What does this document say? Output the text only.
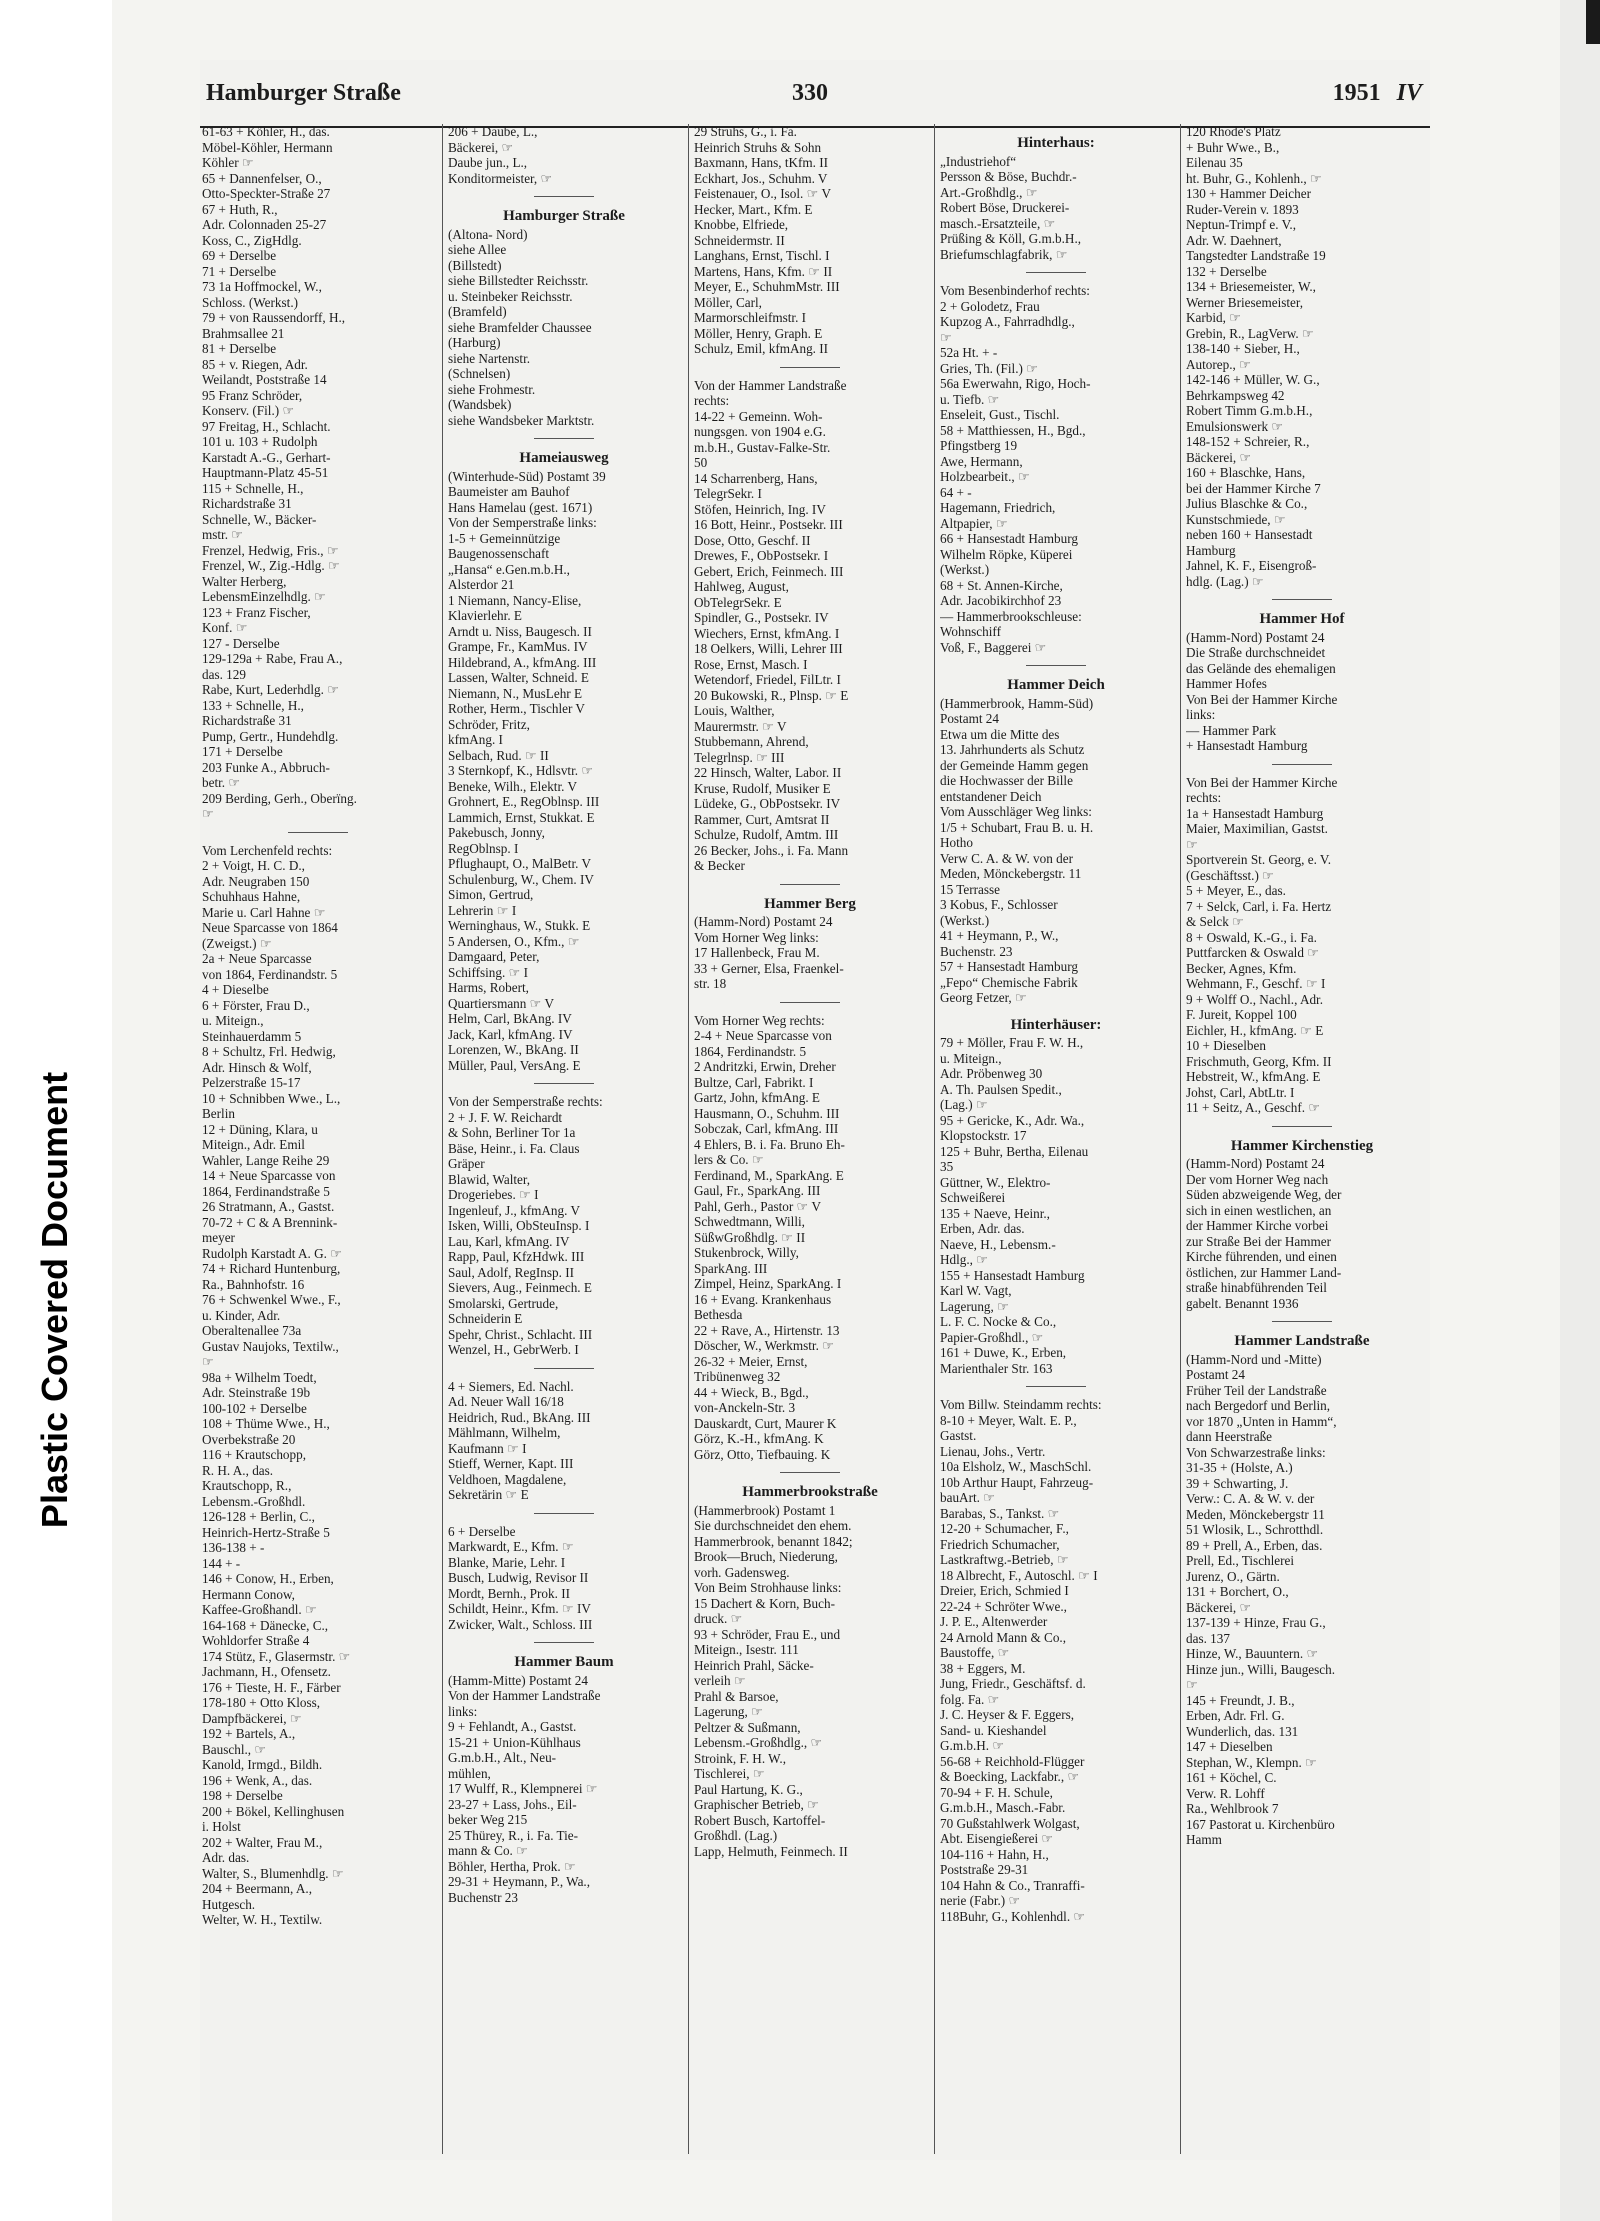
Plastic Covered Document
Hamburger Straße	330	1951 IV
61-63 + Köhler, H., das.
Möbel-Köhler, Hermann
Köhler ☞
65 + Dannenfelser, O.,
Otto-Speckter-Straße 27
67 + Huth, R.,
Adr. Colonnaden 25-27
Koss, C., ZigHdlg.
69 + Derselbe
71 + Derselbe
73 1a Hoffmockel, W.,
Schloss. (Werkst.)
79 + von Raussendorff, H.,
Brahmsallee 21
81 + Derselbe
85 + v. Riegen, Adr.
Weilandt, Poststraße 14
95 Franz Schröder,
Konserv. (Fil.) ☞
97 Freitag, H., Schlacht.
101 u. 103 + Rudolph
Karstadt A.-G., Gerhart-
Hauptmann-Platz 45-51
115 + Schnelle, H.,
Richardstraße 31
Schnelle, W., Bäcker-
mstr. ☞
Frenzel, Hedwig, Fris., ☞
Frenzel, W., Zig.-Hdlg. ☞
Walter Herberg,
LebensmEinzelhdlg. ☞
123 + Franz Fischer,
Konf. ☞
127 - Derselbe
129-129a + Rabe, Frau A.,
das. 129
Rabe, Kurt, Lederhdlg. ☞
133 + Schnelle, H.,
Richardstraße 31
Pump, Gertr., Hundehdlg.
171 + Derselbe
203 Funke A., Abbruch-
betr. ☞
209 Berding, Gerh., Oberïng.
☞
Vom Lerchenfeld rechts:
2 + Voigt, H. C. D.,
Adr. Neugraben 150
Schuhhaus Hahne,
Marie u. Carl Hahne ☞
Neue Sparcasse von 1864
(Zweigst.) ☞
2a + Neue Sparcasse
von 1864, Ferdinandstr. 5
4 + Dieselbe
6 + Förster, Frau D.,
u. Miteign.,
Steinhauerdamm 5
8 + Schultz, Frl. Hedwig,
Adr. Hinsch & Wolf,
Pelzerstraße 15-17
10 + Schnibben Wwe., L.,
Berlin
12 + Düning, Klara, u
Miteign., Adr. Emil
Wahler, Lange Reihe 29
14 + Neue Sparcasse von
1864, Ferdinandstraße 5
26 Stratmann, A., Gastst.
70-72 + C & A Brennink-
meyer
Rudolph Karstadt A. G. ☞
74 + Richard Huntenburg,
Ra., Bahnhofstr. 16
76 + Schwenkel Wwe., F.,
u. Kinder, Adr.
Oberaltenallee 73a
Gustav Naujoks, Textilw.,
☞
98a + Wilhelm Toedt,
Adr. Steinstraße 19b
100-102 + Derselbe
108 + Thüme Wwe., H.,
Overbekstraße 20
116 + Krautschopp,
R. H. A., das.
Krautschopp, R.,
Lebensm.-Großhdl.
126-128 + Berlin, C.,
Heinrich-Hertz-Straße 5
136-138 + -
144 + -
146 + Conow, H., Erben,
Hermann Conow,
Kaffee-Großhandl. ☞
164-168 + Dänecke, C.,
Wohldorfer Straße 4
174 Stütz, F., Glasermstr. ☞
Jachmann, H., Ofensetz.
176 + Tieste, H. F., Färber
178-180 + Otto Kloss,
Dampfbäckerei, ☞
192 + Bartels, A.,
Bauschl., ☞
Kanold, Irmgd., Bildh.
196 + Wenk, A., das.
198 + Derselbe
200 + Bökel, Kellinghusen
i. Holst
202 + Walter, Frau M.,
Adr. das.
Walter, S., Blumenhdlg. ☞
204 + Beermann, A.,
Hutgesch.
Welter, W. H., Textilw.
206 + Daube, L.,
Bäckerei, ☞
Daube jun., L.,
Konditormeister, ☞
Hamburger Straße
(Altona- Nord)
siehe Allee
(Billstedt)
siehe Billstedter Reichsstr.
u. Steinbeker Reichsstr.
(Bramfeld)
siehe Bramfelder Chaussee
(Harburg)
siehe Nartenstr.
(Schnelsen)
siehe Frohmestr.
(Wandsbek)
siehe Wandsbeker Marktstr.
Hameiausweg
(Winterhude-Süd) Postamt 39
Baumeister am Bauhof
Hans Hamelau (gest. 1671)
Von der Semperstraße links:
1-5 + Gemeinnützige
Baugenossenschaft
„Hansa“ e.Gen.m.b.H.,
Alsterdor 21
1 Niemann, Nancy-Elise,
Klavierlehr. E
Arndt u. Niss, Baugesch. II
Grampe, Fr., KamMus. IV
Hildebrand, A., kfmAng. III
Lassen, Walter, Schneid. E
Niemann, N., MusLehr E
Rother, Herm., Tischler V
Schröder, Fritz,
kfmAng. I
Selbach, Rud. ☞ II
3 Sternkopf, K., Hdlsvtr. ☞
Beneke, Wilh., Elektr. V
Grohnert, E., RegOblnsp. III
Lammich, Ernst, Stukkat. E
Pakebusch, Jonny,
RegOblnsp. I
Pflughaupt, O., MalBetr. V
Schulenburg, W., Chem. IV
Simon, Gertrud,
Lehrerin ☞ I
Werninghaus, W., Stukk. E
5 Andersen, O., Kfm., ☞
Damgaard, Peter,
Schiffsing. ☞ I
Harms, Robert,
Quartiersmann ☞ V
Helm, Carl, BkAng. IV
Jack, Karl, kfmAng. IV
Lorenzen, W., BkAng. II
Müller, Paul, VersAng. E
Von der Semperstraße rechts:
2 + J. F. W. Reichardt
& Sohn, Berliner Tor 1a
Bäse, Heinr., i. Fa. Claus
Gräper
Blawid, Walter,
Drogeriebes. ☞ I
Ingenleuf, J., kfmAng. V
Isken, Willi, ObSteuInsp. I
Lau, Karl, kfmAng. IV
Rapp, Paul, KfzHdwk. III
Saul, Adolf, RegInsp. II
Sievers, Aug., Feinmech. E
Smolarski, Gertrude,
Schneiderin E
Spehr, Christ., Schlacht. III
Wenzel, H., GebrWerb. I
4 + Siemers, Ed. Nachl.
Ad. Neuer Wall 16/18
Heidrich, Rud., BkAng. III
Mählmann, Wilhelm,
Kaufmann ☞ I
Stieff, Werner, Kapt. III
Veldhoen, Magdalene,
Sekretärin ☞ E
6 + Derselbe
Markwardt, E., Kfm. ☞
Blanke, Marie, Lehr. I
Busch, Ludwig, Revisor II
Mordt, Bernh., Prok. II
Schildt, Heinr., Kfm. ☞ IV
Zwicker, Walt., Schloss. III
Hammer Baum
(Hamm-Mitte) Postamt 24
Von der Hammer Landstraße
links:
9 + Fehlandt, A., Gastst.
15-21 + Union-Kühlhaus
G.m.b.H., Alt., Neu-
mühlen,
17 Wulff, R., Klempnerei ☞
23-27 + Lass, Johs., Eil-
beker Weg 215
25 Thürey, R., i. Fa. Tie-
mann & Co. ☞
Böhler, Hertha, Prok. ☞
29-31 + Heymann, P., Wa.,
Buchenstr 23
29 Struhs, G., i. Fa.
Heinrich Struhs & Sohn
Baxmann, Hans, tKfm. II
Eckhart, Jos., Schuhm. V
Feistenauer, O., Isol. ☞ V
Hecker, Mart., Kfm. E
Knobbe, Elfriede,
Schneidermstr. II
Langhans, Ernst, Tischl. I
Martens, Hans, Kfm. ☞ II
Meyer, E., SchuhmMstr. III
Möller, Carl,
Marmorschleifmstr. I
Möller, Henry, Graph. E
Schulz, Emil, kfmAng. II
Von der Hammer Landstraße
rechts:
14-22 + Gemeinn. Woh-
nungsgen. von 1904 e.G.
m.b.H., Gustav-Falke-Str.
50
14 Scharrenberg, Hans,
TelegrSekr. I
Stöfen, Heinrich, Ing. IV
16 Bott, Heinr., Postsekr. III
Dose, Otto, Geschf. II
Drewes, F., ObPostsekr. I
Gebert, Erich, Feinmech. III
Hahlweg, August,
ObTelegrSekr. E
Spindler, G., Postsekr. IV
Wiechers, Ernst, kfmAng. I
18 Oelkers, Willi, Lehrer III
Rose, Ernst, Masch. I
Wetendorf, Friedel, FilLtr. I
20 Bukowski, R., Plnsp. ☞ E
Louis, Walther,
Maurermstr. ☞ V
Stubbemann, Ahrend,
Telegrlnsp. ☞ III
22 Hinsch, Walter, Labor. II
Kruse, Rudolf, Musiker E
Lüdeke, G., ObPostsekr. IV
Rammer, Curt, Amtsrat II
Schulze, Rudolf, Amtm. III
26 Becker, Johs., i. Fa. Mann
& Becker
Hammer Berg
(Hamm-Nord) Postamt 24
Vom Horner Weg links:
17 Hallenbeck, Frau M.
33 + Gerner, Elsa, Fraenkel-
str. 18
Vom Horner Weg rechts:
2-4 + Neue Sparcasse von
1864, Ferdinandstr. 5
2 Andritzki, Erwin, Dreher
Bultze, Carl, Fabrikt. I
Gartz, John, kfmAng. E
Hausmann, O., Schuhm. III
Sobczak, Carl, kfmAng. III
4 Ehlers, B. i. Fa. Bruno Eh-
lers & Co. ☞
Ferdinand, M., SparkAng. E
Gaul, Fr., SparkAng. III
Pahl, Gerh., Pastor ☞ V
Schwedtmann, Willi,
SüßwGroßhdlg. ☞ II
Stukenbrock, Willy,
SparkAng. III
Zimpel, Heinz, SparkAng. I
16 + Evang. Krankenhaus
Bethesda
22 + Rave, A., Hirtenstr. 13
Döscher, W., Werkmstr. ☞
26-32 + Meier, Ernst,
Tribünenweg 32
44 + Wieck, B., Bgd.,
von-Anckeln-Str. 3
Dauskardt, Curt, Maurer K
Görz, K.-H., kfmAng. K
Görz, Otto, Tiefbauing. K
Hammerbrookstraße
(Hammerbrook) Postamt 1
Sie durchschneidet den ehem.
Hammerbrook, benannt 1842;
Brook—Bruch, Niederung,
vorh. Gadensweg.
Von Beim Strohhause links:
15 Dachert & Korn, Buch-
druck. ☞
93 + Schröder, Frau E., und
Miteign., Isestr. 111
Heinrich Prahl, Säcke-
verleih ☞
Prahl & Barsoe,
Lagerung, ☞
Peltzer & Sußmann,
Lebensm.-Großhdlg., ☞
Stroink, F. H. W.,
Tischlerei, ☞
Paul Hartung, K. G.,
Graphischer Betrieb, ☞
Robert Busch, Kartoffel-
Großhdl. (Lag.)
Lapp, Helmuth, Feinmech. II
Hinterhaus:
„Industriehof“
Persson & Böse, Buchdr.-
Art.-Großhdlg., ☞
Robert Böse, Druckerei-
masch.-Ersatzteile, ☞
Prüßing & Köll, G.m.b.H.,
Briefumschlagfabrik, ☞
Vom Besenbinderhof rechts:
2 + Golodetz, Frau
Kupzog A., Fahrradhdlg.,
☞
52a Ht. + -
Gries, Th. (Fil.) ☞
56a Ewerwahn, Rigo, Hoch-
u. Tiefb. ☞
Enseleit, Gust., Tischl.
58 + Matthiessen, H., Bgd.,
Pfingstberg 19
Awe, Hermann,
Holzbearbeit., ☞
64 + -
Hagemann, Friedrich,
Altpapier, ☞
66 + Hansestadt Hamburg
Wilhelm Röpke, Küperei
(Werkst.)
68 + St. Annen-Kirche,
Adr. Jacobikirchhof 23
— Hammerbrookschleuse:
Wohnschiff
Voß, F., Baggerei ☞
Hammer Deich
(Hammerbrook, Hamm-Süd)
Postamt 24
Etwa um die Mitte des
13. Jahrhunderts als Schutz
der Gemeinde Hamm gegen
die Hochwasser der Bille
entstandener Deich
Vom Ausschläger Weg links:
1/5 + Schubart, Frau B. u. H.
Hotho
Verw C. A. & W. von der
Meden, Mönckebergstr. 11
15 Terrasse
3 Kobus, F., Schlosser
(Werkst.)
41 + Heymann, P., W.,
Buchenstr. 23
57 + Hansestadt Hamburg
„Fepo“ Chemische Fabrik
Georg Fetzer, ☞
Hinterhäuser:
79 + Möller, Frau F. W. H.,
u. Miteign.,
Adr. Pröbenweg 30
A. Th. Paulsen Spedit.,
(Lag.) ☞
95 + Gericke, K., Adr. Wa.,
Klopstockstr. 17
125 + Buhr, Bertha, Eilenau
35
Güttner, W., Elektro-
Schweißerei
135 + Naeve, Heinr.,
Erben, Adr. das.
Naeve, H., Lebensm.-
Hdlg., ☞
155 + Hansestadt Hamburg
Karl W. Vagt,
Lagerung, ☞
L. F. C. Nocke & Co.,
Papier-Großhdl., ☞
161 + Duwe, K., Erben,
Marienthaler Str. 163
Vom Billw. Steindamm rechts:
8-10 + Meyer, Walt. E. P.,
Gastst.
Lienau, Johs., Vertr.
10a Elsholz, W., MaschSchl.
10b Arthur Haupt, Fahrzeug-
bauArt. ☞
Barabas, S., Tankst. ☞
12-20 + Schumacher, F.,
Friedrich Schumacher,
Lastkraftwg.-Betrieb, ☞
18 Albrecht, F., Autoschl. ☞ I
Dreier, Erich, Schmied I
22-24 + Schröter Wwe.,
J. P. E., Altenwerder
24 Arnold Mann & Co.,
Baustoffe, ☞
38 + Eggers, M.
Jung, Friedr., Geschäftsf. d.
folg. Fa. ☞
J. C. Heyser & F. Eggers,
Sand- u. Kieshandel
G.m.b.H. ☞
56-68 + Reichhold-Flügger
& Boecking, Lackfabr., ☞
70-94 + F. H. Schule,
G.m.b.H., Masch.-Fabr.
70 Gußstahlwerk Wolgast,
Abt. Eisengießerei ☞
104-116 + Hahn, H.,
Poststraße 29-31
104 Hahn & Co., Tranraffi-
nerie (Fabr.) ☞
118Buhr, G., Kohlenhdl. ☞
120 Rhode's Platz
+ Buhr Wwe., B.,
Eilenau 35
ht. Buhr, G., Kohlenh., ☞
130 + Hammer Deicher
Ruder-Verein v. 1893
Neptun-Trimpf e. V.,
Adr. W. Daehnert,
Tangstedter Landstraße 19
132 + Derselbe
134 + Briesemeister, W.,
Werner Briesemeister,
Karbid, ☞
Grebin, R., LagVerw. ☞
138-140 + Sieber, H.,
Autorep., ☞
142-146 + Müller, W. G.,
Behrkampsweg 42
Robert Timm G.m.b.H.,
Emulsionswerk ☞
148-152 + Schreier, R.,
Bäckerei, ☞
160 + Blaschke, Hans,
bei der Hammer Kirche 7
Julius Blaschke & Co.,
Kunstschmiede, ☞
neben 160 + Hansestadt
Hamburg
Jahnel, K. F., Eisengroß-
hdlg. (Lag.) ☞
Hammer Hof
(Hamm-Nord) Postamt 24
Die Straße durchschneidet
das Gelände des ehemaligen
Hammer Hofes
Von Bei der Hammer Kirche
links:
— Hammer Park
+ Hansestadt Hamburg
Von Bei der Hammer Kirche
rechts:
1a + Hansestadt Hamburg
Maier, Maximilian, Gastst.
☞
Sportverein St. Georg, e. V.
(Geschäftsst.) ☞
5 + Meyer, E., das.
7 + Selck, Carl, i. Fa. Hertz
& Selck ☞
8 + Oswald, K.-G., i. Fa.
Puttfarcken & Oswald ☞
Becker, Agnes, Kfm.
Wehmann, F., Geschf. ☞ I
9 + Wolff O., Nachl., Adr.
F. Jureit, Koppel 100
Eichler, H., kfmAng. ☞ E
10 + Dieselben
Frischmuth, Georg, Kfm. II
Hebstreit, W., kfmAng. E
Johst, Carl, AbtLtr. I
11 + Seitz, A., Geschf. ☞
Hammer Kirchenstieg
(Hamm-Nord) Postamt 24
Der vom Horner Weg nach
Süden abzweigende Weg, der
sich in einen westlichen, an
der Hammer Kirche vorbei
zur Straße Bei der Hammer
Kirche führenden, und einen
östlichen, zur Hammer Land-
straße hinabführenden Teil
gabelt. Benannt 1936
Hammer Landstraße
(Hamm-Nord und -Mitte)
Postamt 24
Früher Teil der Landstraße
nach Bergedorf und Berlin,
vor 1870 „Unten in Hamm“,
dann Heerstraße
Von Schwarzestraße links:
31-35 + (Holste, A.)
39 + Schwarting, J.
Verw.: C. A. & W. v. der
Meden, Mönckebergstr 11
51 Wlosik, L., Schrotthdl.
89 + Prell, A., Erben, das.
Prell, Ed., Tischlerei
Jurenz, O., Gärtn.
131 + Borchert, O.,
Bäckerei, ☞
137-139 + Hinze, Frau G.,
das. 137
Hinze, W., Bauuntern. ☞
Hinze jun., Willi, Baugesch.
☞
145 + Freundt, J. B.,
Erben, Adr. Frl. G.
Wunderlich, das. 131
147 + Dieselben
Stephan, W., Klempn. ☞
161 + Köchel, C.
Verw. R. Lohff
Ra., Wehlbrook 7
167 Pastorat u. Kirchenbüro
Hamm
